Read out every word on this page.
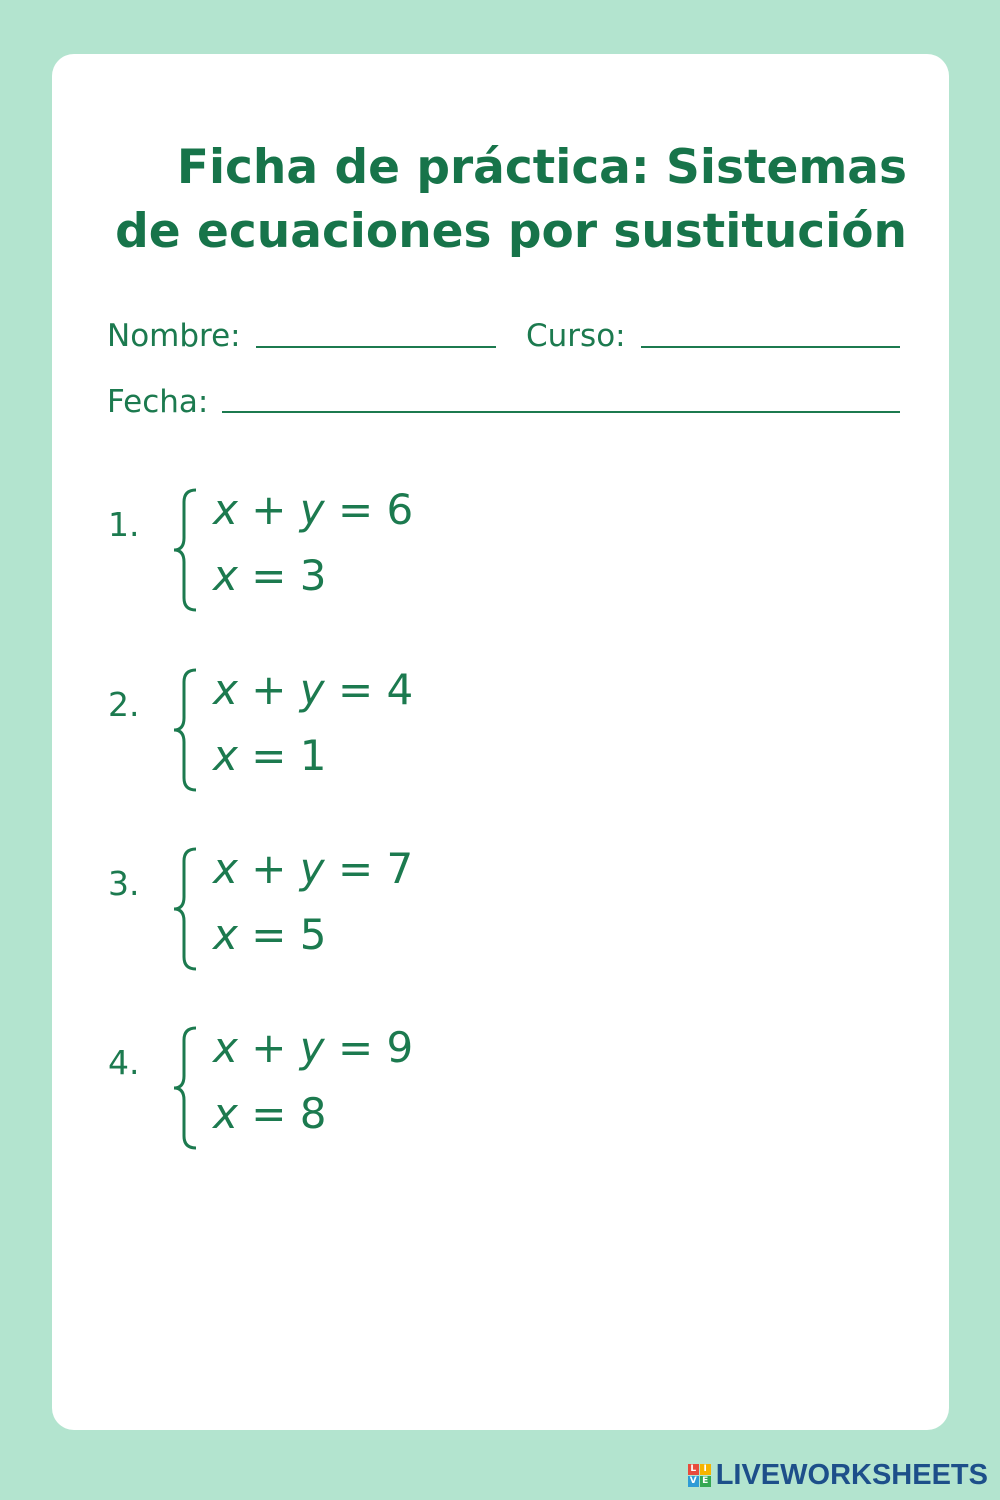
Ficha de práctica: Sistemas
de ecuaciones por sustitución
Nombre:	Curso:
Fecha:
1. x + y = 6
x = 3
2. x + y = 4
x = 1
3. x + y = 7
x = 5
4. x + y = 9
x = 8
L I
V E LIVEWORKSHEETS
